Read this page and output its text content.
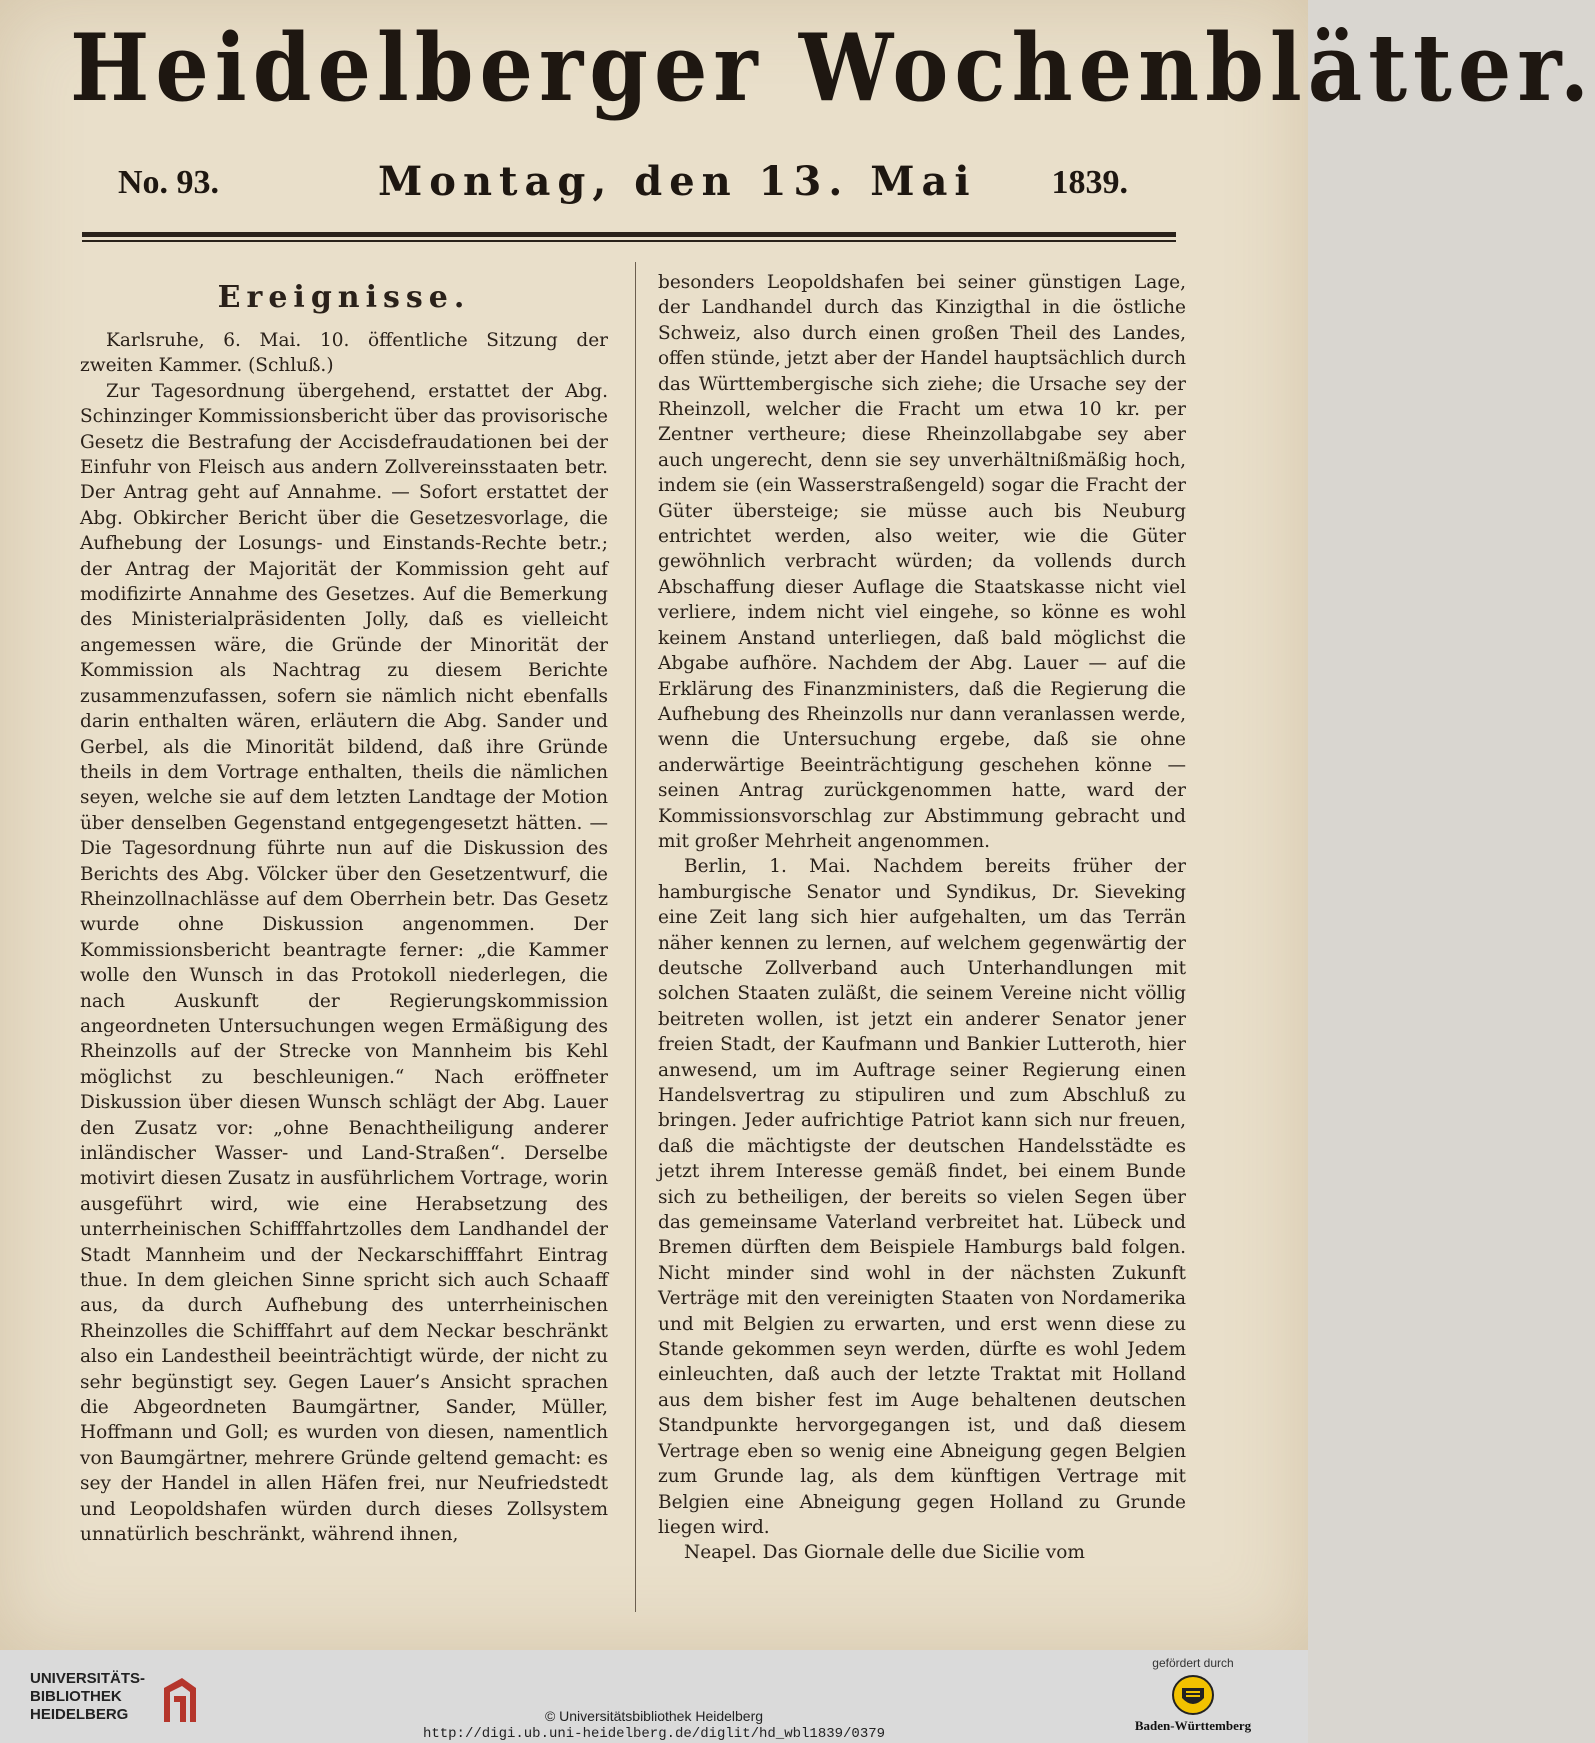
Heidelberger Wochenblätter.
No. 93.	Montag, den 13. Mai 1839.

Ereignisse.

Karlsruhe, 6. Mai. 10. öffentliche Sitzung der zweiten Kammer. (Schluß.)

Zur Tagesordnung übergehend, erstattet der Abg. Schinzinger Kommissionsbericht über das provisorische Gesetz die Bestrafung der Accisdefraudationen bei der Einfuhr von Fleisch aus andern Zollvereinsstaaten betr. Der Antrag geht auf Annahme. — Sofort erstattet der Abg. Obkircher Bericht über die Gesetzesvorlage, die Aufhebung der Losungs- und Einstands-Rechte betr.; der Antrag der Majorität der Kommission geht auf modifizirte Annahme des Gesetzes. Auf die Bemerkung des Ministerialpräsidenten Jolly, daß es vielleicht angemessen wäre, die Gründe der Minorität der Kommission als Nachtrag zu diesem Berichte zusammenzufassen, sofern sie nämlich nicht ebenfalls darin enthalten wären, erläutern die Abg. Sander und Gerbel, als die Minorität bildend, daß ihre Gründe theils in dem Vortrage enthalten, theils die nämlichen seyen, welche sie auf dem letzten Landtage der Motion über denselben Gegenstand entgegengesetzt hätten. — Die Tagesordnung führte nun auf die Diskussion des Berichts des Abg. Völcker über den Gesetzentwurf, die Rheinzollnachlässe auf dem Oberrhein betr. Das Gesetz wurde ohne Diskussion angenommen. Der Kommissionsbericht beantragte ferner: „die Kammer wolle den Wunsch in das Protokoll niederlegen, die nach Auskunft der Regierungskommission angeordneten Untersuchungen wegen Ermäßigung des Rheinzolls auf der Strecke von Mannheim bis Kehl möglichst zu beschleunigen.“ Nach eröffneter Diskussion über diesen Wunsch schlägt der Abg. Lauer den Zusatz vor: „ohne Benachtheiligung anderer inländischer Wasser- und Land-Straßen“. Derselbe motivirt diesen Zusatz in ausführlichem Vortrage, worin ausgeführt wird, wie eine Herabsetzung des unterrheinischen Schifffahrtzolles dem Landhandel der Stadt Mannheim und der Neckarschifffahrt Eintrag thue. In dem gleichen Sinne spricht sich auch Schaaff aus, da durch Aufhebung des unterrheinischen Rheinzolles die Schifffahrt auf dem Neckar beschränkt also ein Landestheil beeinträchtigt würde, der nicht zu sehr begünstigt sey. Gegen Lauer’s Ansicht sprachen die Abgeordneten Baumgärtner, Sander, Müller, Hoffmann und Goll; es wurden von diesen, namentlich von Baumgärtner, mehrere Gründe geltend gemacht: es sey der Handel in allen Häfen frei, nur Neufriedstedt und Leopoldshafen würden durch dieses Zollsystem unnatürlich beschränkt, während ihnen,

besonders Leopoldshafen bei seiner günstigen Lage, der Landhandel durch das Kinzigthal in die östliche Schweiz, also durch einen großen Theil des Landes, offen stünde, jetzt aber der Handel hauptsächlich durch das Württembergische sich ziehe; die Ursache sey der Rheinzoll, welcher die Fracht um etwa 10 kr. per Zentner vertheure; diese Rheinzollabgabe sey aber auch ungerecht, denn sie sey unverhältnißmäßig hoch, indem sie (ein Wasserstraßengeld) sogar die Fracht der Güter übersteige; sie müsse auch bis Neuburg entrichtet werden, also weiter, wie die Güter gewöhnlich verbracht würden; da vollends durch Abschaffung dieser Auflage die Staatskasse nicht viel verliere, indem nicht viel eingehe, so könne es wohl keinem Anstand unterliegen, daß bald möglichst die Abgabe aufhöre. Nachdem der Abg. Lauer — auf die Erklärung des Finanzministers, daß die Regierung die Aufhebung des Rheinzolls nur dann veranlassen werde, wenn die Untersuchung ergebe, daß sie ohne anderwärtige Beeinträchtigung geschehen könne — seinen Antrag zurückgenommen hatte, ward der Kommissionsvorschlag zur Abstimmung gebracht und mit großer Mehrheit angenommen.

Berlin, 1. Mai. Nachdem bereits früher der hamburgische Senator und Syndikus, Dr. Sieveking eine Zeit lang sich hier aufgehalten, um das Terrän näher kennen zu lernen, auf welchem gegenwärtig der deutsche Zollverband auch Unterhandlungen mit solchen Staaten zuläßt, die seinem Vereine nicht völlig beitreten wollen, ist jetzt ein anderer Senator jener freien Stadt, der Kaufmann und Bankier Lutteroth, hier anwesend, um im Auftrage seiner Regierung einen Handelsvertrag zu stipuliren und zum Abschluß zu bringen. Jeder aufrichtige Patriot kann sich nur freuen, daß die mächtigste der deutschen Handelsstädte es jetzt ihrem Interesse gemäß findet, bei einem Bunde sich zu betheiligen, der bereits so vielen Segen über das gemeinsame Vaterland verbreitet hat. Lübeck und Bremen dürften dem Beispiele Hamburgs bald folgen. Nicht minder sind wohl in der nächsten Zukunft Verträge mit den vereinigten Staaten von Nordamerika und mit Belgien zu erwarten, und erst wenn diese zu Stande gekommen seyn werden, dürfte es wohl Jedem einleuchten, daß auch der letzte Traktat mit Holland aus dem bisher fest im Auge behaltenen deutschen Standpunkte hervorgegangen ist, und daß diesem Vertrage eben so wenig eine Abneigung gegen Belgien zum Grunde lag, als dem künftigen Vertrage mit Belgien eine Abneigung gegen Holland zu Grunde liegen wird.

Neapel. Das Giornale delle due Sicilie vom

UNIVERSITÄTS-
BIBLIOTHEK
HEIDELBERG	© Universitätsbibliothek Heidelberg
http://digi.ub.uni-heidelberg.de/diglit/hd_wbl1839/0379
gefördert durch
Baden-Württemberg
